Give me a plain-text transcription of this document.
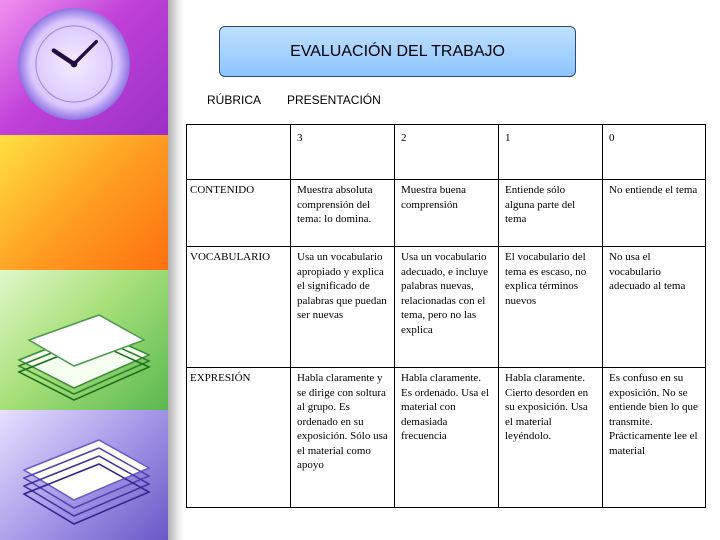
EVALUACIÓN DEL TRABAJO
RÚBRICA PRESENTACIÓN
	3	2	1	0
CONTENIDO	Muestra absoluta comprensión del tema: lo domina.	Muestra buena comprensión	Entiende sólo alguna parte del tema	No entiende el tema
VOCABULARIO	Usa un vocabulario apropiado y explica el significado de palabras que puedan ser nuevas	Usa un vocabulario adecuado, e incluye palabras nuevas, relacionadas con el tema, pero no las explica	El vocabulario del tema es escaso, no explica términos nuevos	No usa el vocabulario adecuado al tema
EXPRESIÓN	Habla claramente y se dirige con soltura al grupo. Es ordenado en su exposición. Sólo usa el material como apoyo	Habla claramente. Es ordenado. Usa el material con demasiada frecuencia	Habla claramente. Cierto desorden en su exposición. Usa el material leyéndolo.	Es confuso en su exposición. No se entiende bien lo que transmite. Prácticamente lee el material
